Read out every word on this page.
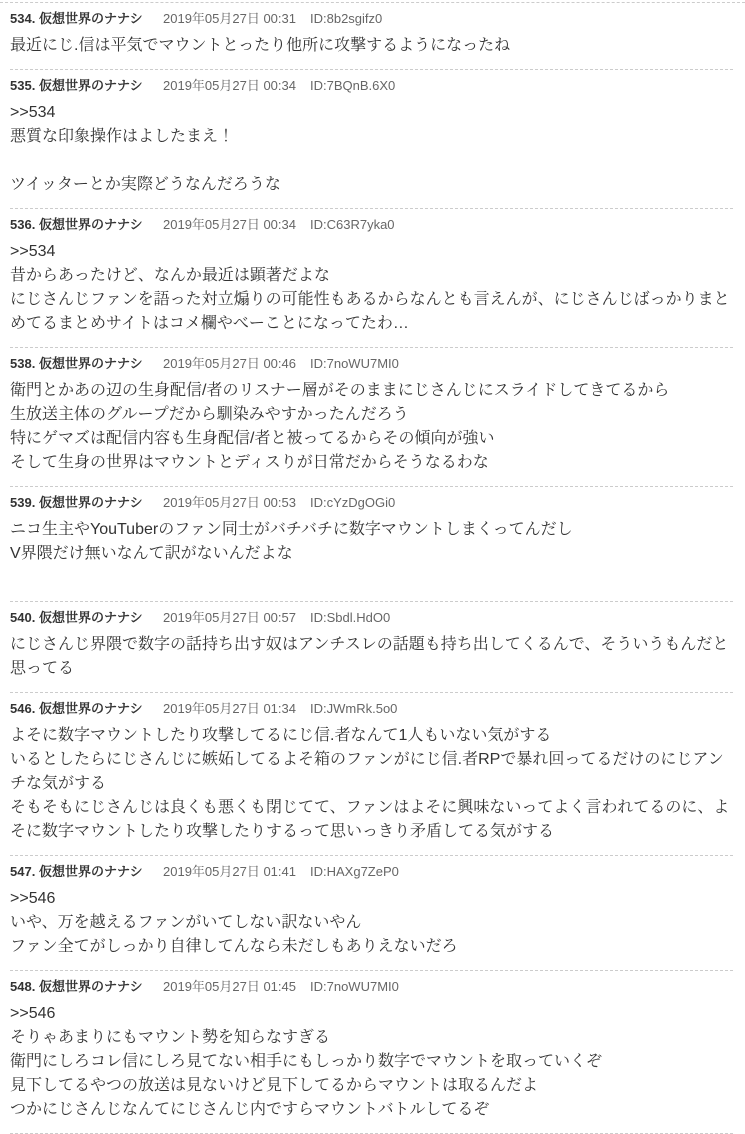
534. 仮想世界のナナシ 2019年05月27日 00:31 ID:8b2sgifz0
最近にじ.信は平気でマウントとったり他所に攻撃するようになったね
535. 仮想世界のナナシ 2019年05月27日 00:34 ID:7BQnB.6X0
>>534
悪質な印象操作はよしたまえ！

ツイッターとか実際どうなんだろうな
536. 仮想世界のナナシ 2019年05月27日 00:34 ID:C63R7yka0
>>534
昔からあったけど、なんか最近は顕著だよな
にじさんじファンを語った対立煽りの可能性もあるからなんとも言えんが、にじさんじばっかりまとめてるまとめサイトはコメ欄やべーことになってたわ…
538. 仮想世界のナナシ 2019年05月27日 00:46 ID:7noWU7MI0
衛門とかあの辺の生身配信/者のリスナー層がそのままにじさんじにスライドしてきてるから
生放送主体のグループだから馴染みやすかったんだろう
特にゲマズは配信内容も生身配信/者と被ってるからその傾向が強い
そして生身の世界はマウントとディスりが日常だからそうなるわな
539. 仮想世界のナナシ 2019年05月27日 00:53 ID:cYzDgOGi0
ニコ生主やYouTuberのファン同士がバチバチに数字マウントしまくってんだし
V界隈だけ無いなんて訳がないんだよな

540. 仮想世界のナナシ 2019年05月27日 00:57 ID:Sbdl.HdO0
にじさんじ界隈で数字の話持ち出す奴はアンチスレの話題も持ち出してくるんで、そういうもんだと思ってる
546. 仮想世界のナナシ 2019年05月27日 01:34 ID:JWmRk.5o0
よそに数字マウントしたり攻撃してるにじ信.者なんて1人もいない気がする
いるとしたらにじさんじに嫉妬してるよそ箱のファンがにじ信.者RPで暴れ回ってるだけのにじアンチな気がする
そもそもにじさんじは良くも悪くも閉じてて、ファンはよそに興味ないってよく言われてるのに、よそに数字マウントしたり攻撃したりするって思いっきり矛盾してる気がする
547. 仮想世界のナナシ 2019年05月27日 01:41 ID:HAXg7ZeP0
>>546
いや、万を越えるファンがいてしない訳ないやん
ファン全てがしっかり自律してんなら未だしもありえないだろ
548. 仮想世界のナナシ 2019年05月27日 01:45 ID:7noWU7MI0
>>546
そりゃあまりにもマウント勢を知らなすぎる
衛門にしろコレ信にしろ見てない相手にもしっかり数字でマウントを取っていくぞ
見下してるやつの放送は見ないけど見下してるからマウントは取るんだよ
つかにじさんじなんてにじさんじ内ですらマウントバトルしてるぞ
